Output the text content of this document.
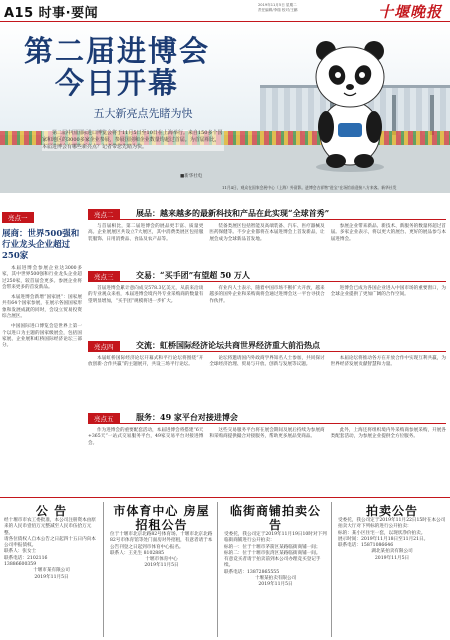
A15 时事·要闻
2019年11月5日 星期二
责任编辑/李瑞 校对/王鹏	十堰晚报
第二届进博会
今日开幕
五大新亮点先睹为快
第二届中国国际进口博览会将于11月5日至10日在上海举行。来自150多个国家和地区的3000多家企业参展，参展国别和企业数量均超过首届。为首届相比，本届进博会有哪些新亮点？记者带您先睹为快。
■新华社电
11月4日，观众在国家会展中心（上海）外留影。进博会吉祥物“进宝”在场馆前迎接八方来客。新华社发
亮点一
展商：世界500强和行业龙头企业超过250家
本届进博会参展企业达3000多家，其中世界500强和行业龙头企业超过250家，较首届会更多。参展企业将会带来更多的首发新品。
本届进博会新增“国家展”：国家展共有64个国家参展，在展示各国国家形象和发展成就的同时，会设立贸易投资综合展区。
中国国际进口博览会是世界上第一个以进口为主题的国家级展会，包括国家展、企业展和虹桥国际经济论坛三部分。
亮点二	展品：越来越多的最新科技和产品在此实现“全球首秀”
与首届相比，第二届进博会的展品更丰富、质量更高。企业展展区共设立7大展区，其中消费类展区包括服装服饰、日用消费品、食品及农产品等。
装备类展区包括智能及高端装备、汽车、医疗器械及医药保健等。不少企业都将在本届进博会上首发新品，让展会成为全球新品首发地。
参展企业带来新品、新技术、新服务的数量将超过首届。多家企业表示，将以更大的展台、更好的展品参与本届进博会。
亮点三	交易：“买手团”有望超 50 万人
首届进博会累计意向成交578.3亿美元，从前来洽谈的专业观众来看，本届进博会境内外专业采购商的数量有望明显增加，“买手团”规模将进一步扩大。
有业内人士表示，随着中国市场不断扩大开放，越来越多的国外企业和采购商将会通过进博会这一平台寻找合作伙伴。
进博会已成为各国企业进入中国市场的重要窗口，为全球企业提供了更加广阔的合作空间。
亮点四	交流：虹桥国际经济论坛共商世界经济重大前沿热点
本届虹桥国际经济论坛开幕式和平行论坛将围绕“开放创新·合作共赢”的主题展开，共设三场平行论坛。
论坛将邀请国内外政商学界知名人士参加，共同探讨全球经济治理、贸易与开放、创新与发展等议题。
本届论坛将推动各方在开放合作中实现互利共赢，为世界经济发展贡献智慧和力量。
亮点五	服务：49 家平台对接进博会
作为进博会的重要配套活动，本届进博会将搭建“6天+365天”一站式交易服务平台，49家交易平台对接进博会。
这些交易服务平台将在展会期间及展后持续为参展商和采购商提供撮合对接服务，帮助更多展品变商品。
此外，上海还将组织境内外采购商参展采购，开展各类配套活动，为参展企业提供全方位服务。
公 告
经十堰市市农工委批准，本公司注册资本由原来的人民币壹佰万元整减至人民币伍拾万元整。
请各位债权人自本公告之日起四十五日内向本公司申报债权。
联系人：张女士
联系电话：2102116
13886600359
十堰市某有限公司
2019年11月5日
市体育中心 房屋招租公告
位于十堰市北京北路82号体育场、十堰市北京北路82号市体育馆等处门面房对外招租，有意者请于本公告刊登之日起到市体育中心报名。
联系人：王先生 8102885
十堰市体育中心
2019年11月5日
临街商铺拍卖公告
受委托，我公司定于2019年11月19日10时对下列临街商铺进行公开拍卖：
标的一：位于十堰市茅箭区某路临街商铺一间；
标的二：位于十堰市张湾区某路临街商铺一间。
有意竞买者请于拍卖前到本公司办理竞买登记手续。
联系电话：13872865555
十堰某拍卖有限公司
2019年11月5日
拍卖公告
受委托，我公司定于2019年11月22日15时在本公司拍卖大厅对下列标的进行公开拍卖：
标的：某小区住宅一套，以现状净价拍卖。
展示时间：2019年11月18日至11月21日。
联系电话：15871086646
湖北某拍卖有限公司
2019年11月5日
